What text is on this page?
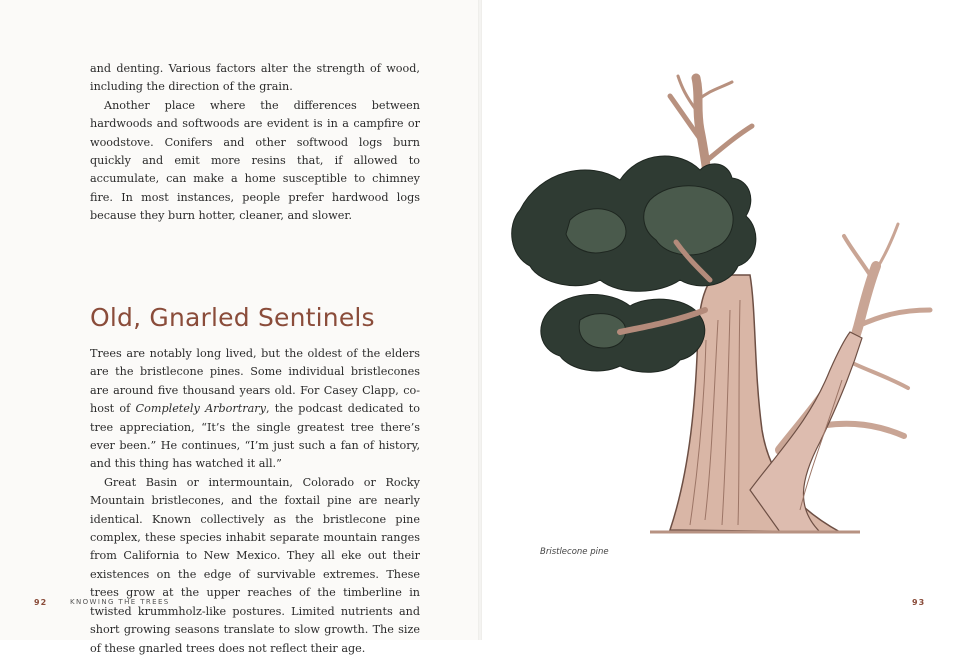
and denting. Various factors alter the strength of wood, including the direction of the grain.

Another place where the differences between hardwoods and softwoods are evident is in a campfire or woodstove. Conifers and other softwood logs burn quickly and emit more resins that, if allowed to accumulate, can make a home susceptible to chimney fire. In most instances, people prefer hardwood logs because they burn hotter, cleaner, and slower.

Old, Gnarled Sentinels

Trees are notably long lived, but the oldest of the elders are the bristlecone pines. Some individual bristlecones are around five thousand years old. For Casey Clapp, co-host of Completely Arbortrary, the podcast dedicated to tree appreciation, “It’s the single greatest tree there’s ever been.” He continues, “I’m just such a fan of history, and this thing has watched it all.”

Great Basin or intermountain, Colorado or Rocky Mountain bristlecones, and the foxtail pine are nearly identical. Known collectively as the bristlecone pine complex, these species inhabit separate mountain ranges from California to New Mexico. They all eke out their existences on the edge of survivable extremes. These trees grow at the upper reaches of the timberline in twisted krummholz-like postures. Limited nutrients and short growing seasons translate to slow growth. The size of these gnarled trees does not reflect their age.

92	KNOWING THE TREES	93
Bristlecone pine
